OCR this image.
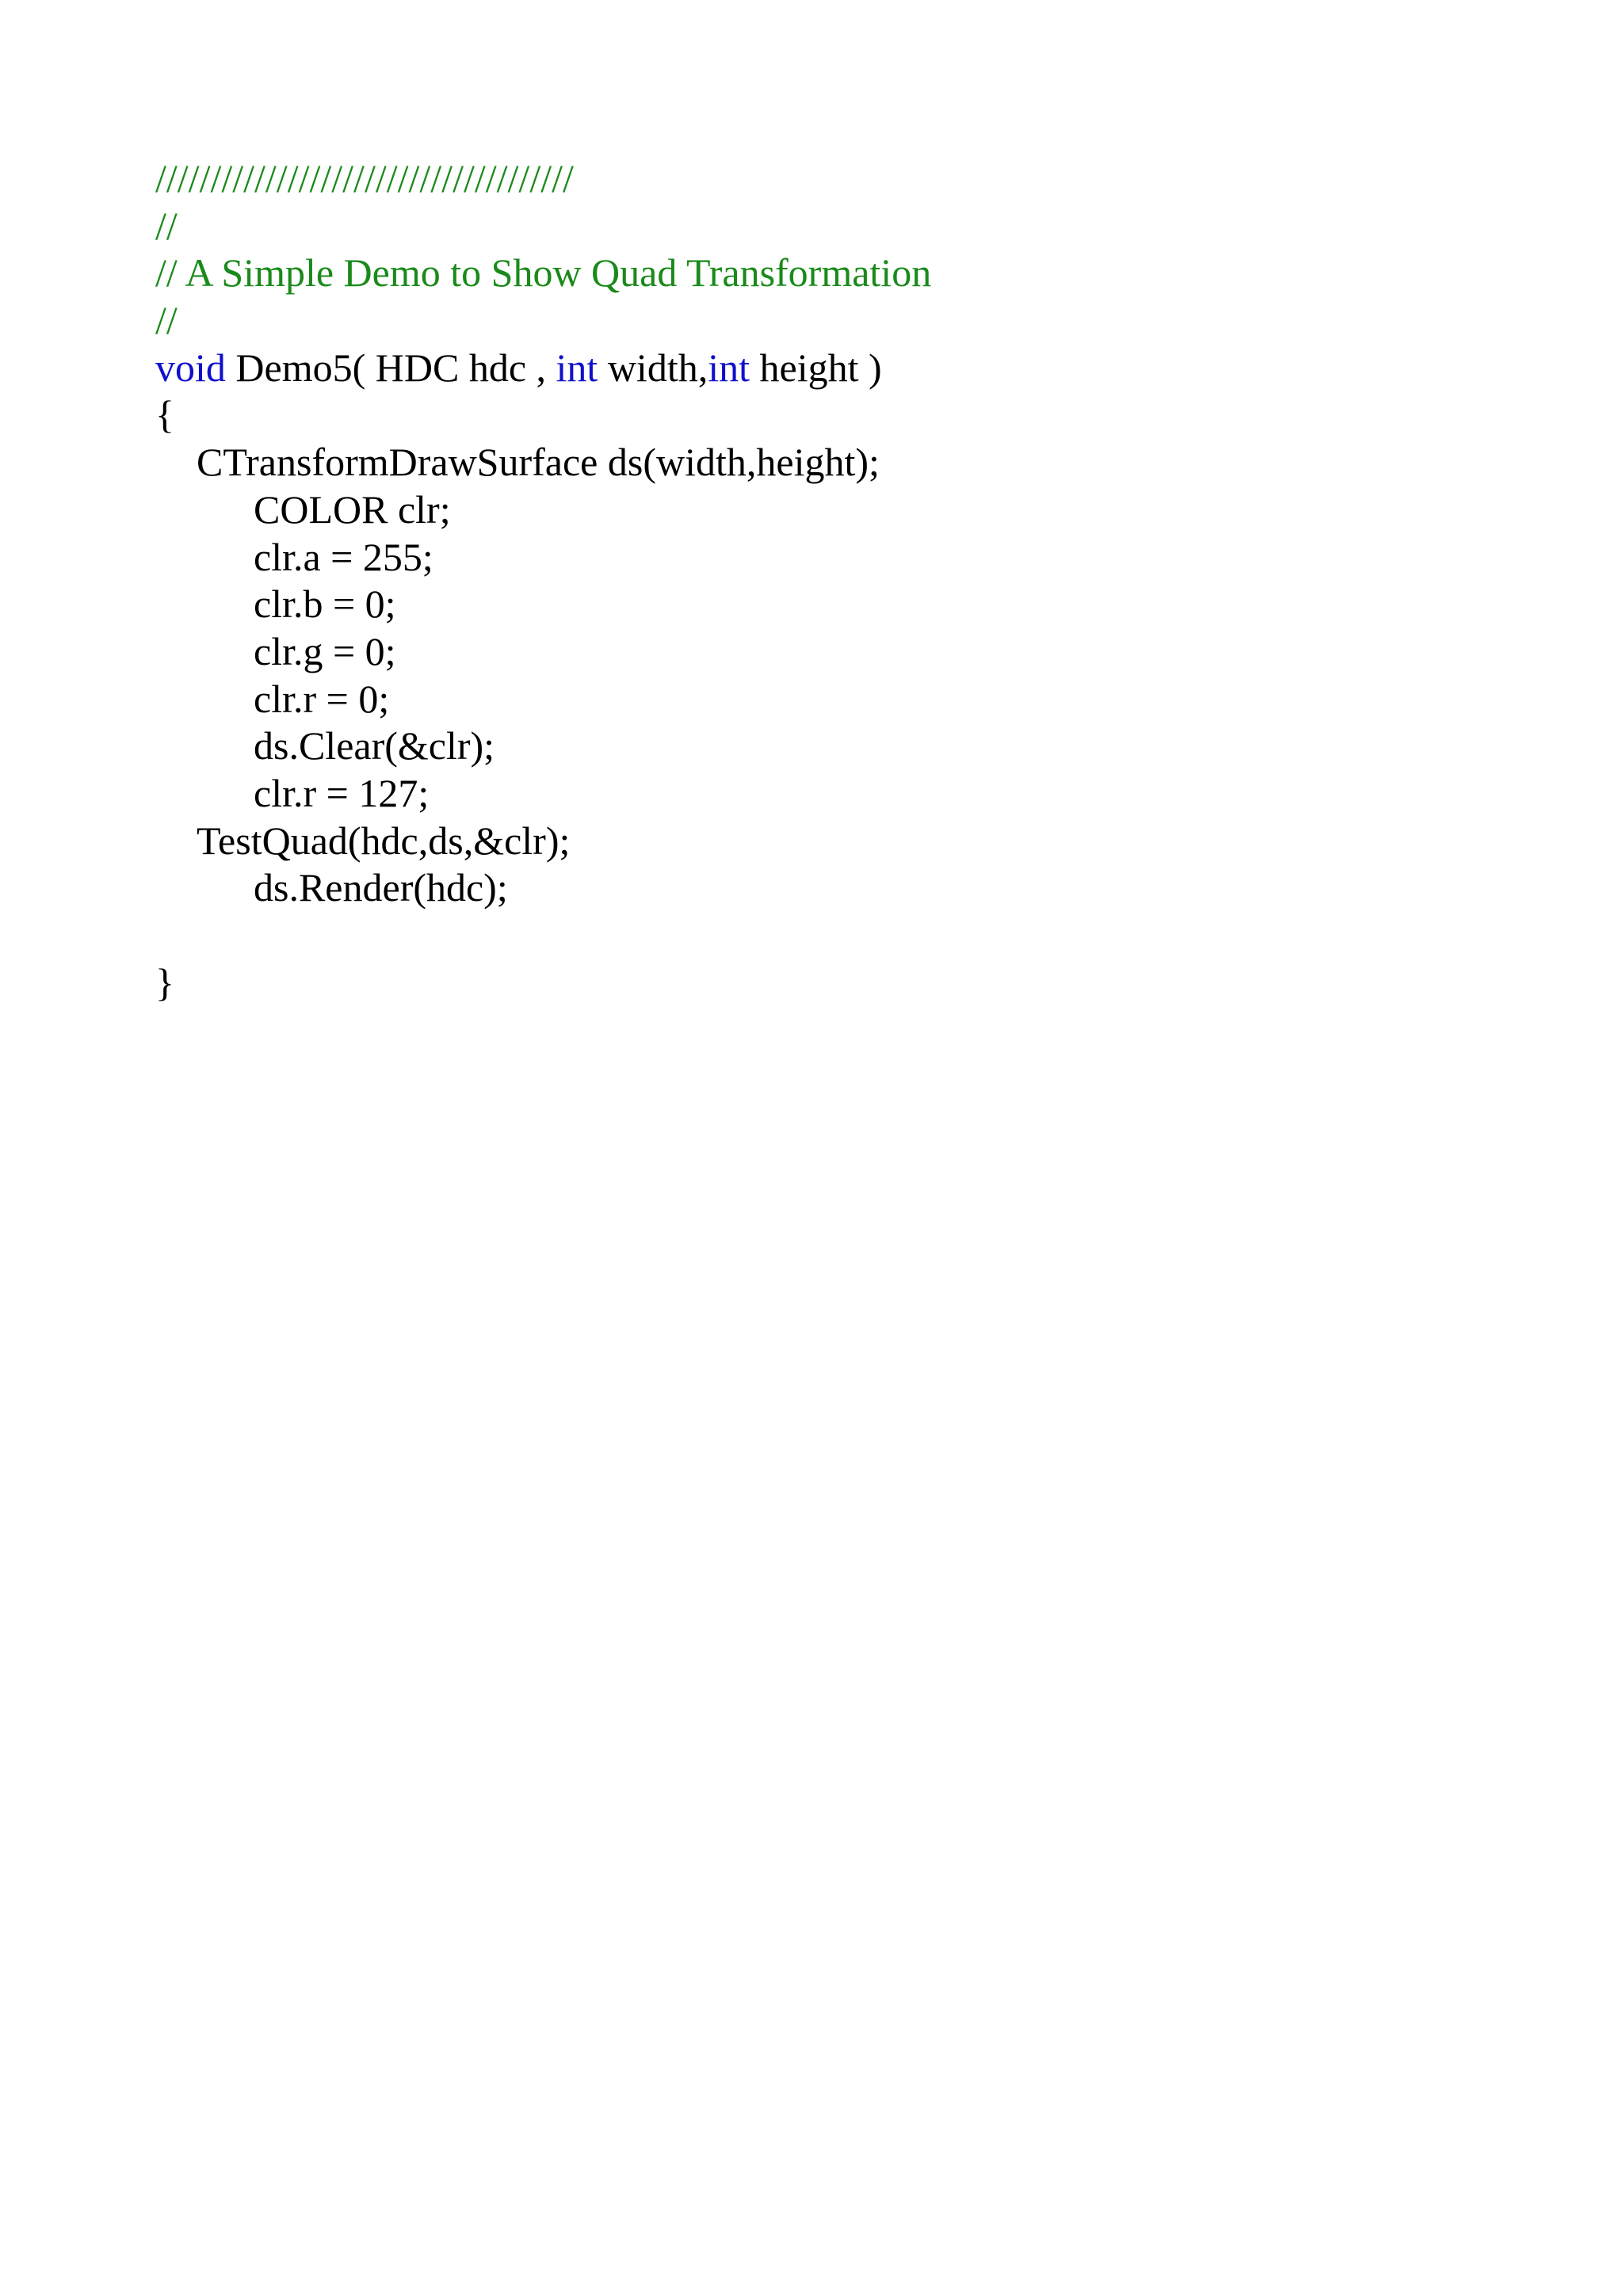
//////////////////////////////////////
//
// A Simple Demo to Show Quad Transformation
//
void Demo5( HDC hdc , int width,int height )
{
CTransformDrawSurface ds(width,height);
COLOR clr;
clr.a = 255;
clr.b = 0;
clr.g = 0;
clr.r = 0;
ds.Clear(&clr);
clr.r = 127;
TestQuad(hdc,ds,&clr);
ds.Render(hdc);
}
